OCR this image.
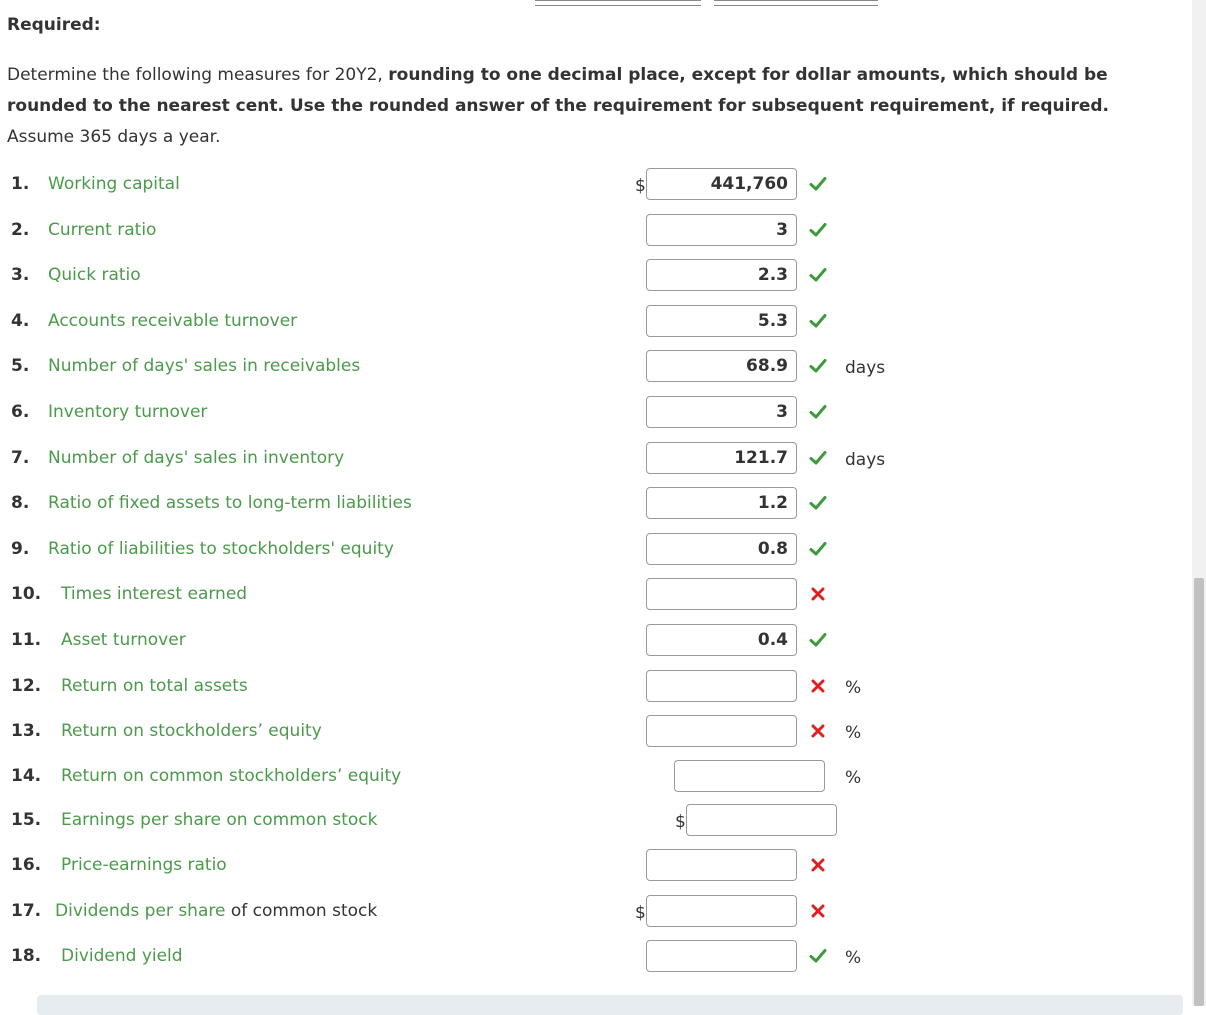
Required:
Determine the following measures for 20Y2, rounding to one decimal place, except for dollar amounts, which should be rounded to the nearest cent. Use the rounded answer of the requirement for subsequent requirement, if required. Assume 365 days a year.
1. Working capital	$	441,760
2. Current ratio	3
3. Quick ratio	2.3
4. Accounts receivable turnover	5.3
5. Number of days' sales in receivables	68.9	days
6. Inventory turnover	3
7. Number of days' sales in inventory	121.7	days
8. Ratio of fixed assets to long-term liabilities	1.2
9. Ratio of liabilities to stockholders' equity	0.8
10. Times interest earned
11. Asset turnover	0.4
12. Return on total assets	%
13. Return on stockholders’ equity	%
14. Return on common stockholders’ equity	%
15. Earnings per share on common stock	$
16. Price-earnings ratio
17. Dividends per share of common stock	$
18. Dividend yield	%
